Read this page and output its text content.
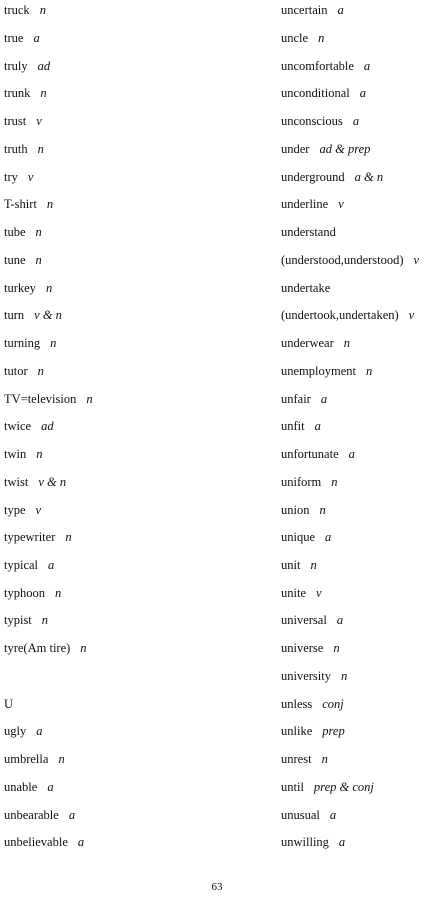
truck n
true a
truly ad
trunk n
trust v
truth n
try v
T-shirt n
tube n
tune n
turkey n
turn v & n
turning n
tutor n
TV=television n
twice ad
twin n
twist v & n
type v
typewriter n
typical a
typhoon n
typist n
tyre(Am tire) n
U
ugly a
umbrella n
unable a
unbearable a
unbelievable a
uncertain a
uncle n
uncomfortable a
unconditional a
unconscious a
under ad & prep
underground a & n
underline v
understand
(understood,understood) v
undertake
(undertook,undertaken) v
underwear n
unemployment n
unfair a
unfit a
unfortunate a
uniform n
union n
unique a
unit n
unite v
universal a
universe n
university n
unless conj
unlike prep
unrest n
until prep & conj
unusual a
unwilling a
63
